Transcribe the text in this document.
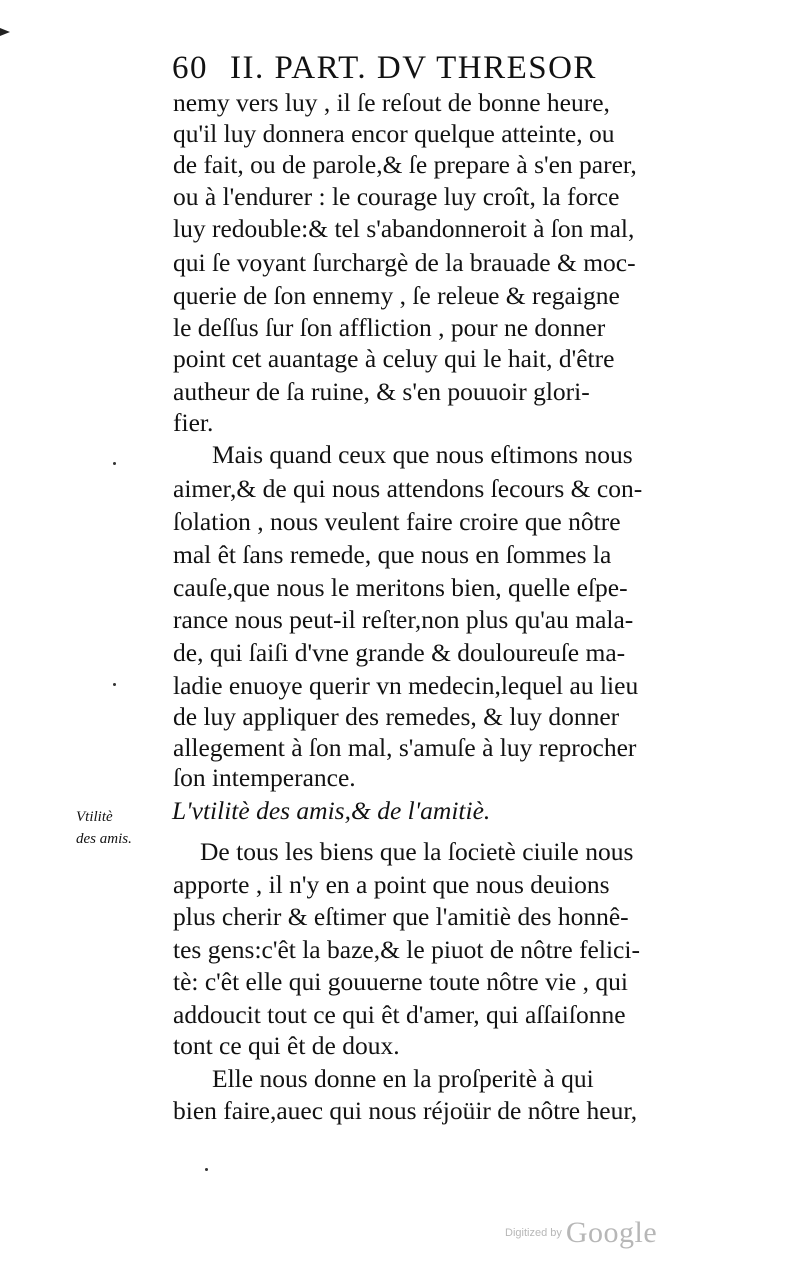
60 II. PART. DV THRESOR
nemy vers luy , il ſe reſout de bonne heure,
qu'il luy donnera encor quelque atteinte, ou
de fait, ou de parole,& ſe prepare à s'en parer,
ou à l'endurer : le courage luy croît, la force
luy redouble:& tel s'abandonneroit à ſon mal,
qui ſe voyant ſurchargè de la brauade & moc-
querie de ſon ennemy , ſe releue & regaigne
le deſſus ſur ſon affliction , pour ne donner
point cet auantage à celuy qui le hait, d'être
autheur de ſa ruine, & s'en pouuoir glori-
fier.
Mais quand ceux que nous eſtimons nous
aimer,& de qui nous attendons ſecours & con-
ſolation , nous veulent faire croire que nôtre
mal êt ſans remede, que nous en ſommes la
cauſe,que nous le meritons bien, quelle eſpe-
rance nous peut-il reſter,non plus qu'au mala-
de, qui ſaiſi d'vne grande & douloureuſe ma-
ladie enuoye querir vn medecin,lequel au lieu
de luy appliquer des remedes, & luy donner
allegement à ſon mal, s'amuſe à luy reprocher
ſon intemperance.
Vtilitè
des amis.
L'vtilitè des amis,& de l'amitiè.
De tous les biens que la ſocietè ciuile nous
apporte , il n'y en a point que nous deuions
plus cherir & eſtimer que l'amitiè des honnê-
tes gens:c'êt la baze,& le piuot de nôtre felici-
tè: c'êt elle qui gouuerne toute nôtre vie , qui
addoucit tout ce qui êt d'amer, qui aſſaiſonne
tont ce qui êt de doux.
Elle nous donne en la proſperitè à qui
bien faire,auec qui nous réjoüir de nôtre heur,
Digitized by Google
